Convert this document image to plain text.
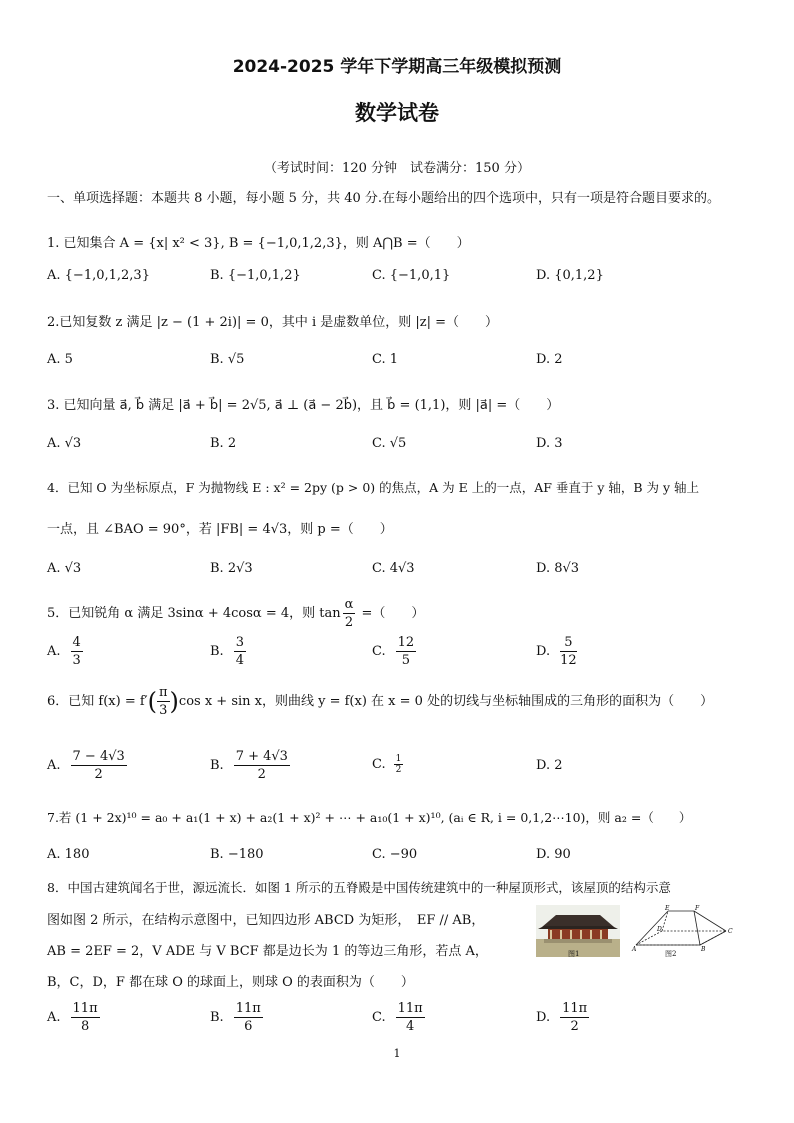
2024-2025 学年下学期高三年级模拟预测
数学试卷
（考试时间：120 分钟　试卷满分：150 分）
一、单项选择题：本题共 8 小题，每小题 5 分，共 40 分.在每小题给出的四个选项中，只有一项是符合题目要求的。
1. 已知集合 A = {x| x² < 3}, B = {−1,0,1,2,3}，则 A⋂B =（　　）
A. {−1,0,1,2,3}	B. {−1,0,1,2}	C. {−1,0,1}	D. {0,1,2}
2.已知复数 z 满足 |z − (1 + 2i)| = 0，其中 i 是虚数单位，则 |z| =（　　）
A. 5	B. √5	C. 1	D. 2
3. 已知向量 a⃗, b⃗ 满足 |a⃗ + b⃗| = 2√5, a⃗ ⊥ (a⃗ − 2b⃗)，且 b⃗ = (1,1)，则 |a⃗| =（　　）
A. √3	B. 2	C. √5	D. 3
4．已知 O 为坐标原点，F 为抛物线 E : x² = 2py (p > 0) 的焦点，A 为 E 上的一点，AF 垂直于 y 轴，B 为 y 轴上
一点，且 ∠BAO = 90°，若 |FB| = 4√3，则 p =（　　）
A. √3	B. 2√3	C. 4√3	D. 8√3
5．已知锐角 α 满足 3sinα + 4cosα = 4，则 $\tan \frac{\alpha}{2}$ =（　　）
A. $\frac{4}{3}$	B. $\frac{3}{4}$	C. $\frac{12}{5}$	D. $\frac{5}{12}$
6．已知 $f(x) = f'( \frac{\pi}{3} )\cos$ x + sin x，则曲线 y = f(x) 在 x = 0 处的切线与坐标轴围成的三角形的面积为（　　）
A. $\frac{7 - 4√3}{2}$	B. $\frac{7 + 4√3}{2}$	C. $\frac{1}{2}$	D. 2
7.若 (1 + 2x)¹⁰ = a₀ + a₁(1 + x) + a₂(1 + x)² + ⋯ + a₁₀(1 + x)¹⁰, (aᵢ ∈ R, i = 0,1,2⋯10)，则 a₂ =（　　）
A. 180	B. −180	C. −90	D. 90
8．中国古建筑闻名于世，源远流长．如图 1 所示的五脊殿是中国传统建筑中的一种屋顶形式，该屋顶的结构示意
图如图 2 所示，在结构示意图中，已知四边形 ABCD 为矩形，　EF // AB，
AB = 2EF = 2，V ADE 与 V BCF 都是边长为 1 的等边三角形，若点 A，
B，C，D，F 都在球 O 的球面上，则球 O 的表面积为（　　）
图1
E	F
D	C
A	B
图2
A. $\frac{11\pi}{8}$	B. $\frac{11\pi}{6}$	C. $\frac{11\pi}{4}$	D. $\frac{11\pi}{2}$
1
